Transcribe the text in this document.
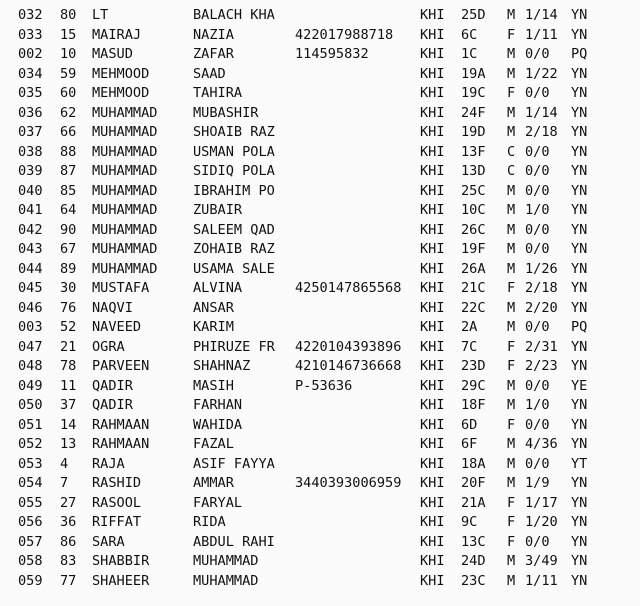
032 80 LT	BALACH KHA	KHI 25D M 1/14 YN
033 15 MAIRAJ	NAZIA	422017988718 KHI 6C F 1/11 YN
002 10 MASUD	ZAFAR	114595832	KHI 1C M 0/0 PQ
034 59 MEHMOOD	SAAD	KHI 19A M 1/22 YN
035 60 MEHMOOD	TAHIRA	KHI 19C F 0/0 YN
036 62 MUHAMMAD	MUBASHIR	KHI 24F M 1/14 YN
037 66 MUHAMMAD	SHOAIB RAZ	KHI 19D M 2/18 YN
038 88 MUHAMMAD	USMAN POLA	KHI 13F C 0/0 YN
039 87 MUHAMMAD	SIDIQ POLA	KHI 13D C 0/0 YN
040 85 MUHAMMAD	IBRAHIM PO	KHI 25C M 0/0 YN
041 64 MUHAMMAD	ZUBAIR	KHI 10C M 1/0 YN
042 90 MUHAMMAD	SALEEM QAD	KHI 26C M 0/0 YN
043 67 MUHAMMAD	ZOHAIB RAZ	KHI 19F M 0/0 YN
044 89 MUHAMMAD	USAMA SALE	KHI 26A M 1/26 YN
045 30 MUSTAFA	ALVINA	4250147865568 KHI 21C F 2/18 YN
046 76 NAQVI	ANSAR	KHI 22C M 2/20 YN
003 52 NAVEED	KARIM	KHI 2A M 0/0 PQ
047 21 OGRA	PHIRUZE FR 4220104393896 KHI 7C F 2/31 YN
048 78 PARVEEN	SHAHNAZ	4210146736668 KHI 23D F 2/23 YN
049 11 QADIR	MASIH	P-53636	KHI 29C M 0/0 YE
050 37 QADIR	FARHAN	KHI 18F M 1/0 YN
051 14 RAHMAAN	WAHIDA	KHI 6D F 0/0 YN
052 13 RAHMAAN	FAZAL	KHI 6F M 4/36 YN
053 4 RAJA	ASIF FAYYA	KHI 18A M 0/0 YT
054 7 RASHID	AMMAR	3440393006959 KHI 20F M 1/9 YN
055 27 RASOOL	FARYAL	KHI 21A F 1/17 YN
056 36 RIFFAT	RIDA	KHI 9C F 1/20 YN
057 86 SARA	ABDUL RAHI	KHI 13C F 0/0 YN
058 83 SHABBIR	MUHAMMAD	KHI 24D M 3/49 YN
059 77 SHAHEER	MUHAMMAD	KHI 23C M 1/11 YN
